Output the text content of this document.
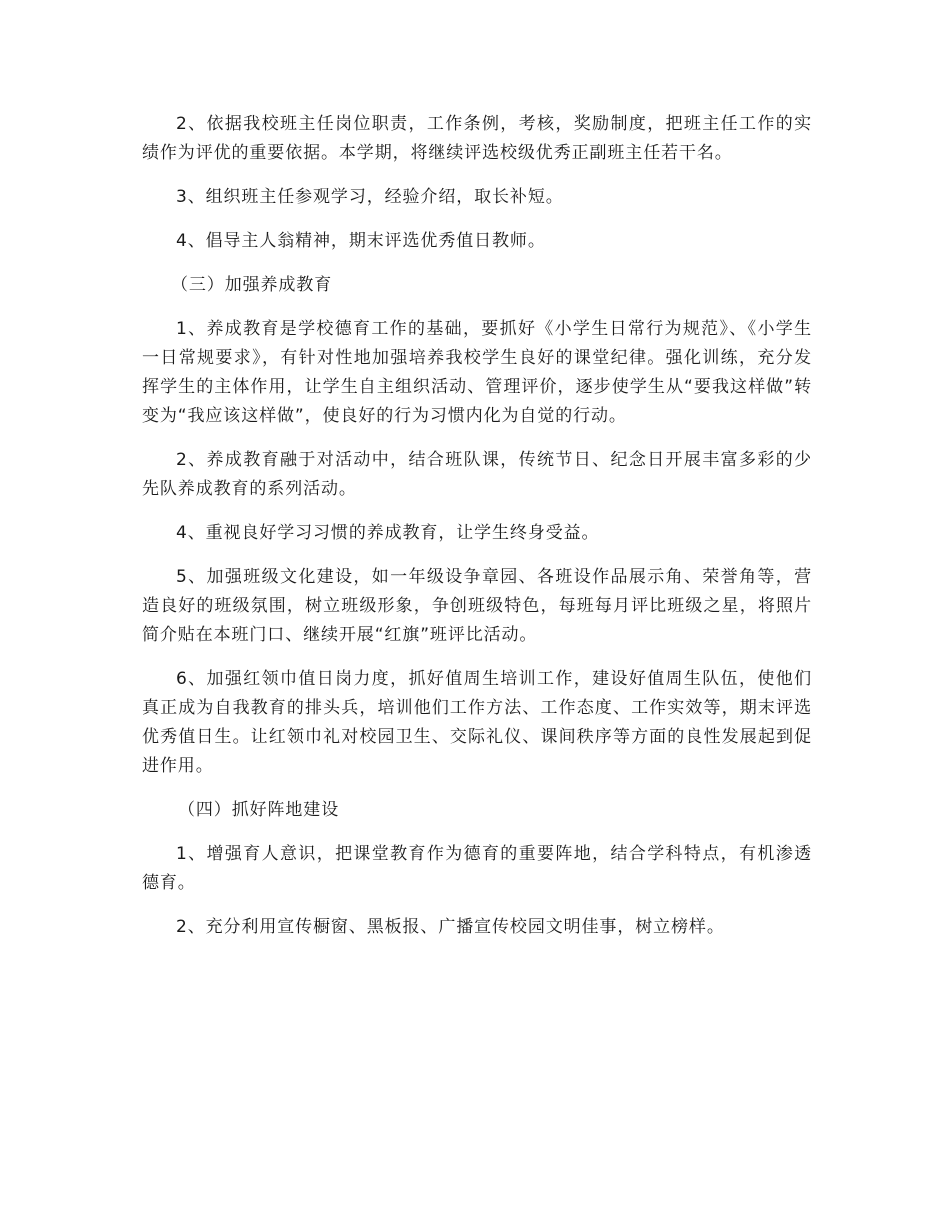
2、依据我校班主任岗位职责，工作条例，考核，奖励制度，把班主任工作的实绩作为评优的重要依据。本学期，将继续评选校级优秀正副班主任若干名。

3、组织班主任参观学习，经验介绍，取长补短。

4、倡导主人翁精神，期末评选优秀值日教师。

（三）加强养成教育

1、养成教育是学校德育工作的基础，要抓好《小学生日常行为规范》、《小学生一日常规要求》，有针对性地加强培养我校学生良好的课堂纪律。强化训练，充分发挥学生的主体作用，让学生自主组织活动、管理评价，逐步使学生从“要我这样做”转变为“我应该这样做”，使良好的行为习惯内化为自觉的行动。

2、养成教育融于对活动中，结合班队课，传统节日、纪念日开展丰富多彩的少先队养成教育的系列活动。

4、重视良好学习习惯的养成教育，让学生终身受益。

5、加强班级文化建设，如一年级设争章园、各班设作品展示角、荣誉角等，营造良好的班级氛围，树立班级形象，争创班级特色，每班每月评比班级之星，将照片简介贴在本班门口、继续开展“红旗”班评比活动。

6、加强红领巾值日岗力度，抓好值周生培训工作，建设好值周生队伍，使他们真正成为自我教育的排头兵，培训他们工作方法、工作态度、工作实效等，期末评选优秀值日生。让红领巾礼对校园卫生、交际礼仪、课间秩序等方面的良性发展起到促进作用。

（四）抓好阵地建设

1、增强育人意识，把课堂教育作为德育的重要阵地，结合学科特点，有机渗透德育。

2、充分利用宣传橱窗、黑板报、广播宣传校园文明佳事，树立榜样。
